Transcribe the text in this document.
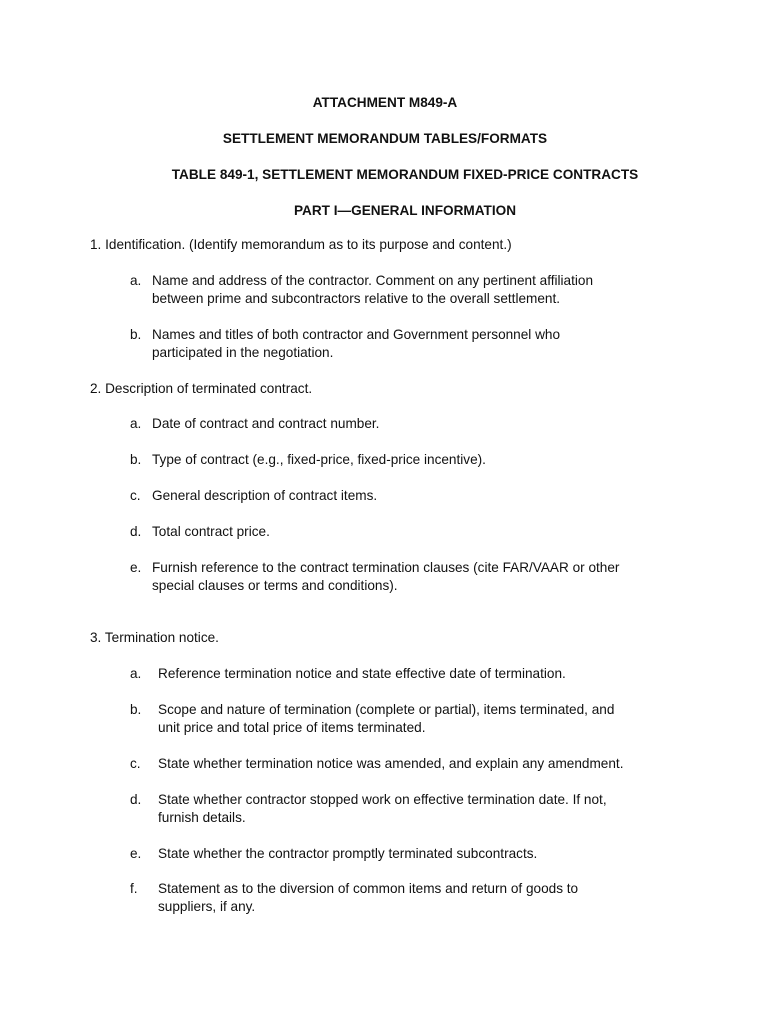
ATTACHMENT M849-A
SETTLEMENT MEMORANDUM TABLES/FORMATS
TABLE 849-1, SETTLEMENT MEMORANDUM FIXED-PRICE CONTRACTS
PART I—GENERAL INFORMATION
1. Identification. (Identify memorandum as to its purpose and content.)
a. Name and address of the contractor. Comment on any pertinent affiliation
between prime and subcontractors relative to the overall settlement.
b. Names and titles of both contractor and Government personnel who
participated in the negotiation.
2. Description of terminated contract.
a. Date of contract and contract number.
b. Type of contract (e.g., fixed-price, fixed-price incentive).
c. General description of contract items.
d. Total contract price.
e. Furnish reference to the contract termination clauses (cite FAR/VAAR or other
special clauses or terms and conditions).
3. Termination notice.
a. Reference termination notice and state effective date of termination.
b. Scope and nature of termination (complete or partial), items terminated, and
unit price and total price of items terminated.
c. State whether termination notice was amended, and explain any amendment.
d. State whether contractor stopped work on effective termination date. If not,
furnish details.
e. State whether the contractor promptly terminated subcontracts.
f. Statement as to the diversion of common items and return of goods to
suppliers, if any.
